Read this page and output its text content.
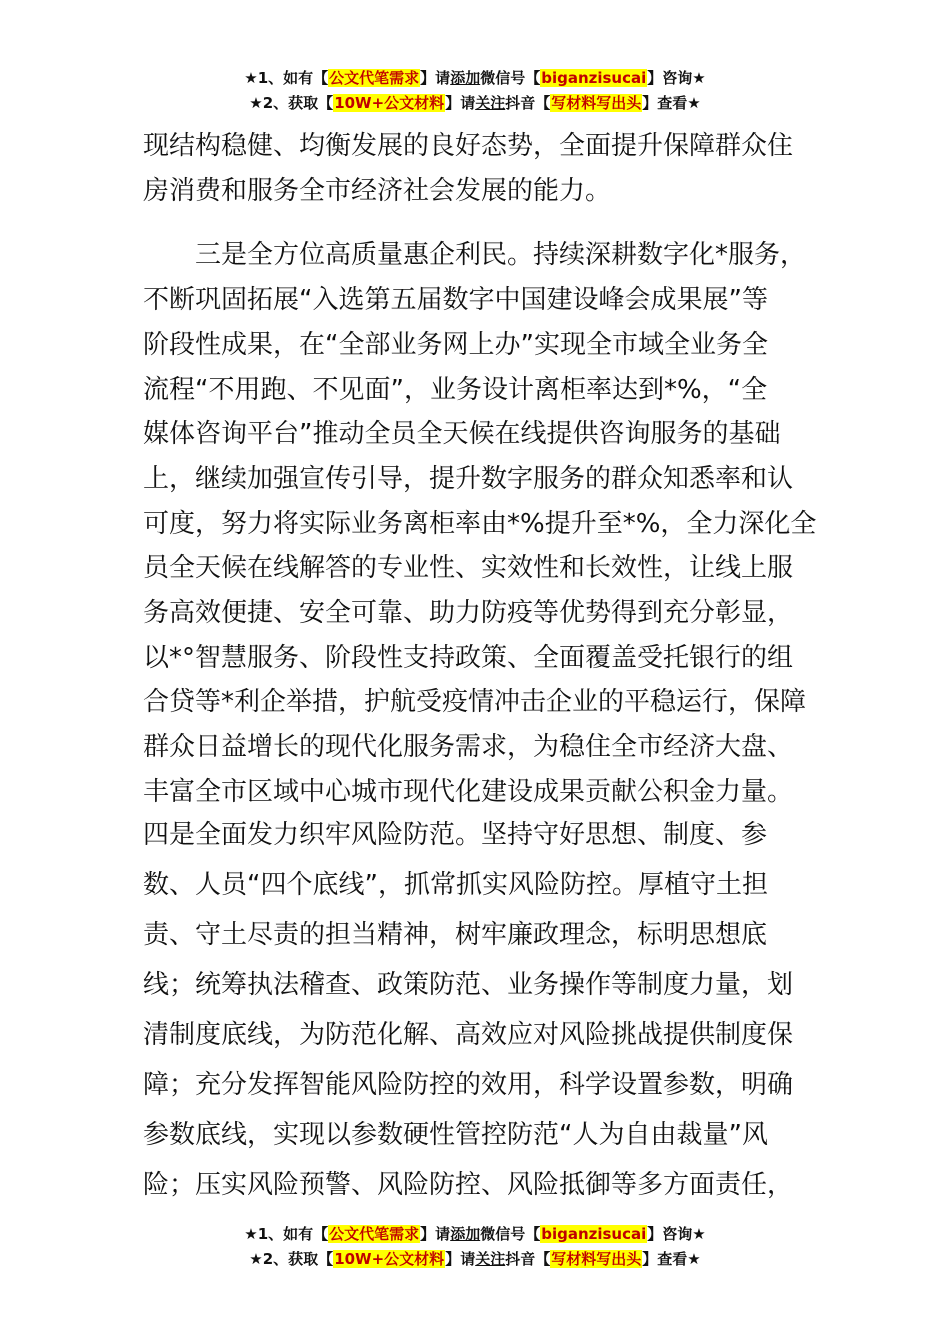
★1、如有【公文代笔需求】请添加微信号【biganzisucai】咨询★
★2、获取【10W+公文材料】请关注抖音【写材料写出头】查看★

现结构稳健、均衡发展的良好态势，全面提升保障群众住

房消费和服务全市经济社会发展的能力。

　　三是全方位高质量惠企利民。持续深耕数字化*服务，

不断巩固拓展“入选第五届数字中国建设峰会成果展”等

阶段性成果，在“全部业务网上办”实现全市域全业务全

流程“不用跑、不见面”，业务设计离柜率达到*%，“全

媒体咨询平台”推动全员全天候在线提供咨询服务的基础

上，继续加强宣传引导，提升数字服务的群众知悉率和认

可度，努力将实际业务离柜率由*%提升至*%，全力深化全

员全天候在线解答的专业性、实效性和长效性，让线上服

务高效便捷、安全可靠、助力防疫等优势得到充分彰显，

以*°智慧服务、阶段性支持政策、全面覆盖受托银行的组

合贷等*利企举措，护航受疫情冲击企业的平稳运行，保障

群众日益增长的现代化服务需求，为稳住全市经济大盘、

丰富全市区域中心城市现代化建设成果贡献公积金力量。

四是全面发力织牢风险防范。坚持守好思想、制度、参

数、人员“四个底线”，抓常抓实风险防控。厚植守土担

责、守土尽责的担当精神，树牢廉政理念，标明思想底

线；统筹执法稽查、政策防范、业务操作等制度力量，划

清制度底线，为防范化解、高效应对风险挑战提供制度保

障；充分发挥智能风险防控的效用，科学设置参数，明确

参数底线，实现以参数硬性管控防范“人为自由裁量”风

险；压实风险预警、风险防控、风险抵御等多方面责任，

★1、如有【公文代笔需求】请添加微信号【biganzisucai】咨询★
★2、获取【10W+公文材料】请关注抖音【写材料写出头】查看★
